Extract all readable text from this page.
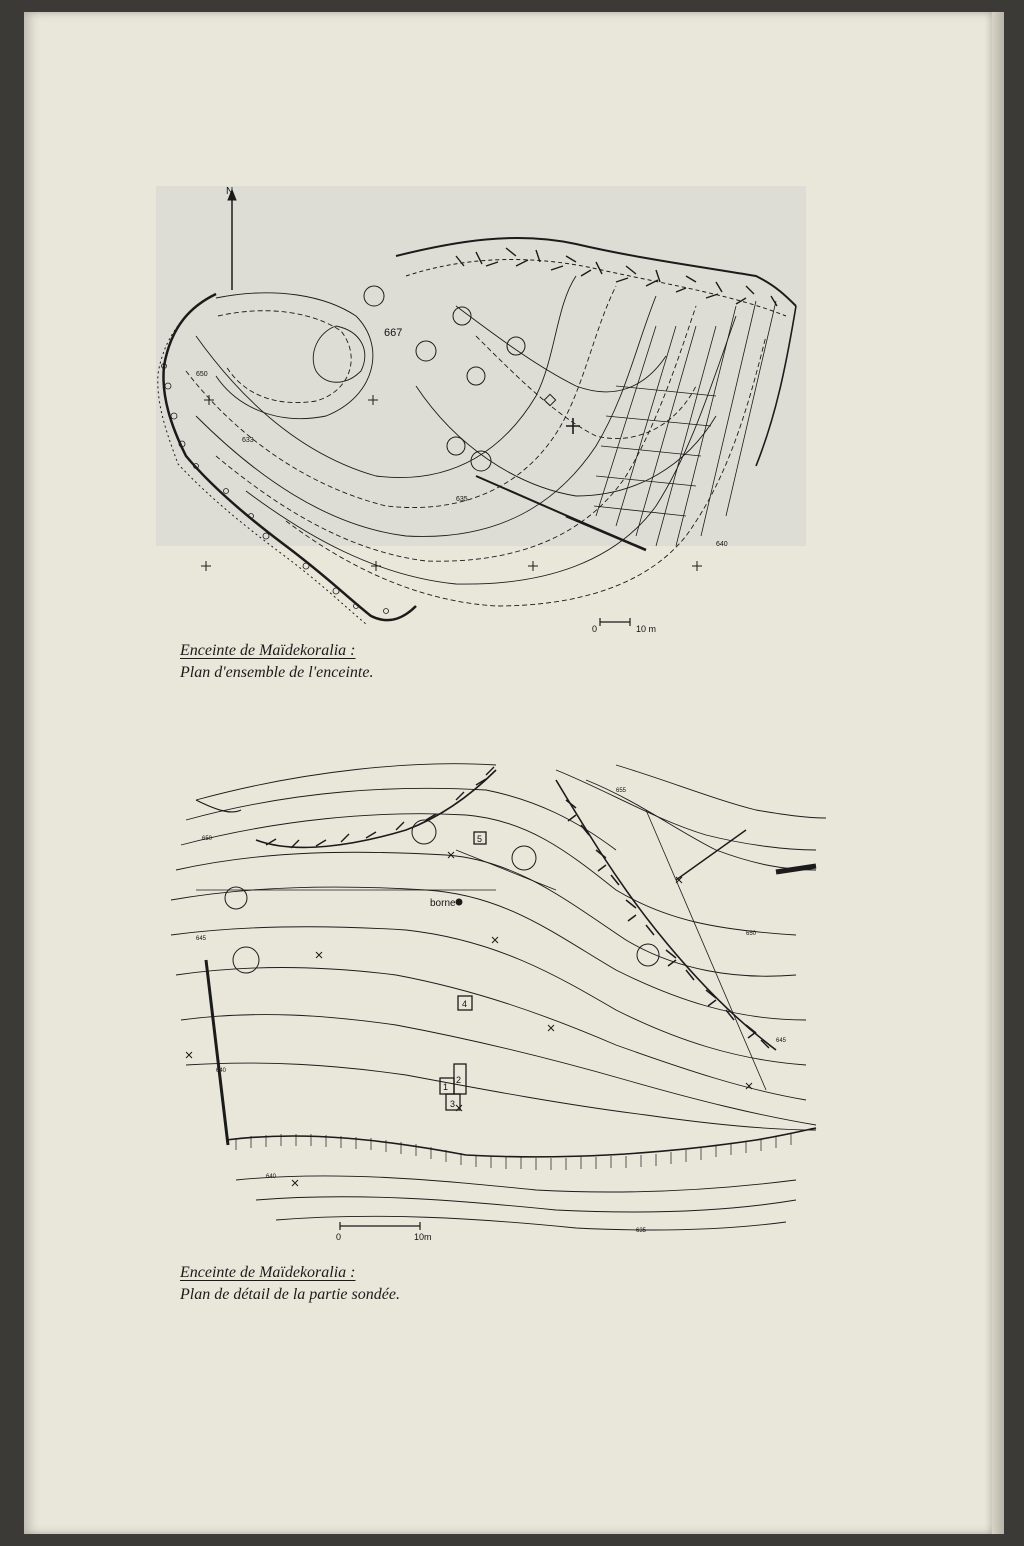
N
667
650
633
635
640
0	10 m
Enceinte de Maïdekoralia :
Plan d'ensemble de l'enceinte.
borne
5
4
1
2
3
655
650
650
645
645
640
640
635
0	10m
Enceinte de Maïdekoralia :
Plan de détail de la partie sondée.
